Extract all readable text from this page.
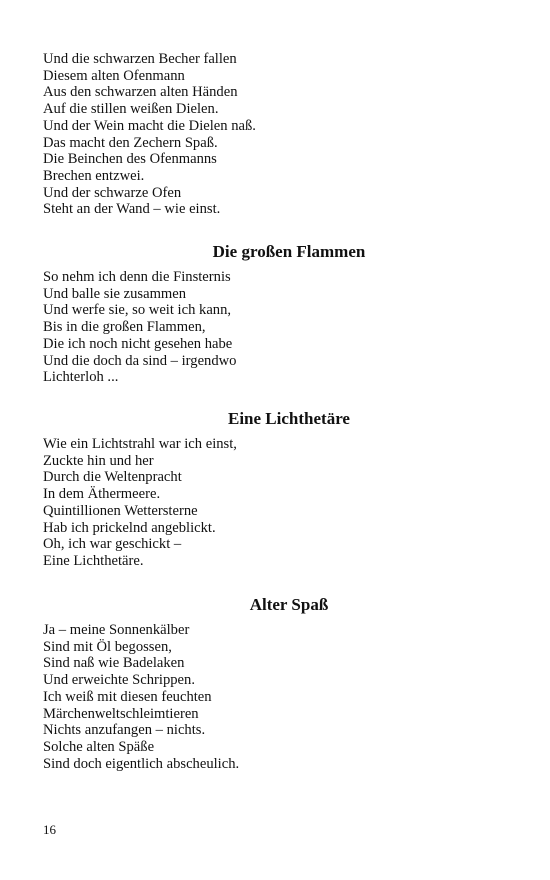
Und die schwarzen Becher fallen
Diesem alten Ofenmann
Aus den schwarzen alten Händen
Auf die stillen weißen Dielen.
Und der Wein macht die Dielen naß.
Das macht den Zechern Spaß.
Die Beinchen des Ofenmanns
Brechen entzwei.
Und der schwarze Ofen
Steht an der Wand – wie einst.
Die großen Flammen
So nehm ich denn die Finsternis
Und balle sie zusammen
Und werfe sie, so weit ich kann,
Bis in die großen Flammen,
Die ich noch nicht gesehen habe
Und die doch da sind – irgendwo
Lichterloh ...
Eine Lichthetäre
Wie ein Lichtstrahl war ich einst,
Zuckte hin und her
Durch die Weltenpracht
In dem Äthermeere.
Quintillionen Wettersterne
Hab ich prickelnd angeblickt.
Oh, ich war geschickt –
Eine Lichthetäre.
Alter Spaß
Ja – meine Sonnenkälber
Sind mit Öl begossen,
Sind naß wie Badelaken
Und erweichte Schrippen.
Ich weiß mit diesen feuchten
Märchenweltschleimtieren
Nichts anzufangen – nichts.
Solche alten Späße
Sind doch eigentlich abscheulich.
16
